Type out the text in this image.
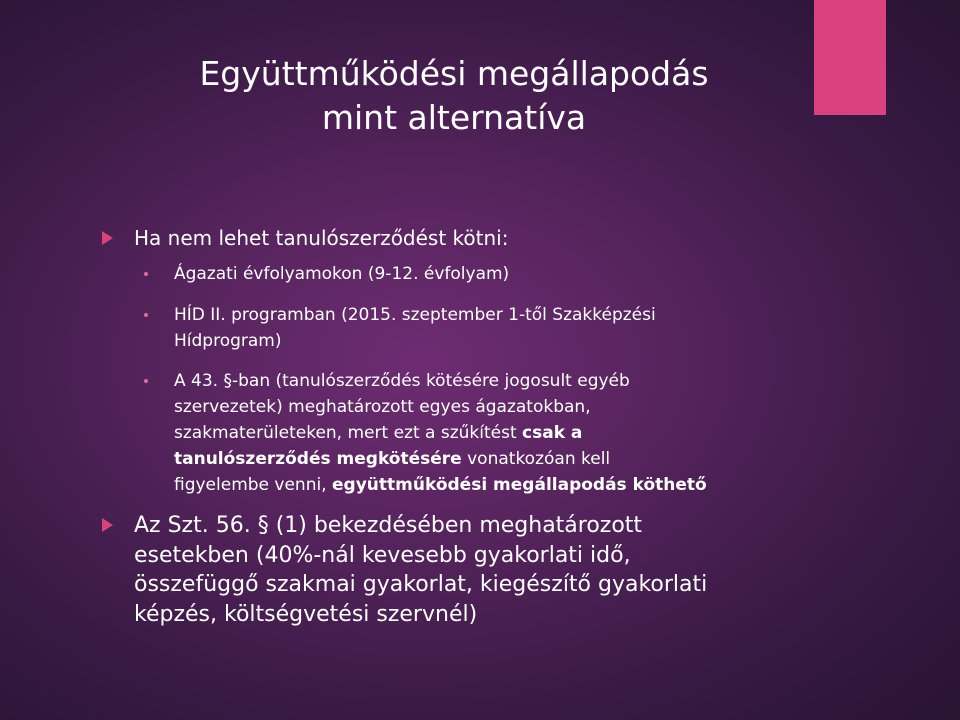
Együttműködési megállapodás
mint alternatíva
Ha nem lehet tanulószerződést kötni:
Ágazati évfolyamokon (9-12. évfolyam)
HÍD II. programban (2015. szeptember 1-től Szakképzési
Hídprogram)
A 43. §-ban (tanulószerződés kötésére jogosult egyéb
szervezetek) meghatározott egyes ágazatokban,
szakmaterületeken, mert ezt a szűkítést csak a
tanulószerződés megkötésére vonatkozóan kell
figyelembe venni, együttműködési megállapodás köthető
Az Szt. 56. § (1) bekezdésében meghatározott
esetekben (40%-nál kevesebb gyakorlati idő,
összefüggő szakmai gyakorlat, kiegészítő gyakorlati
képzés, költségvetési szervnél)
